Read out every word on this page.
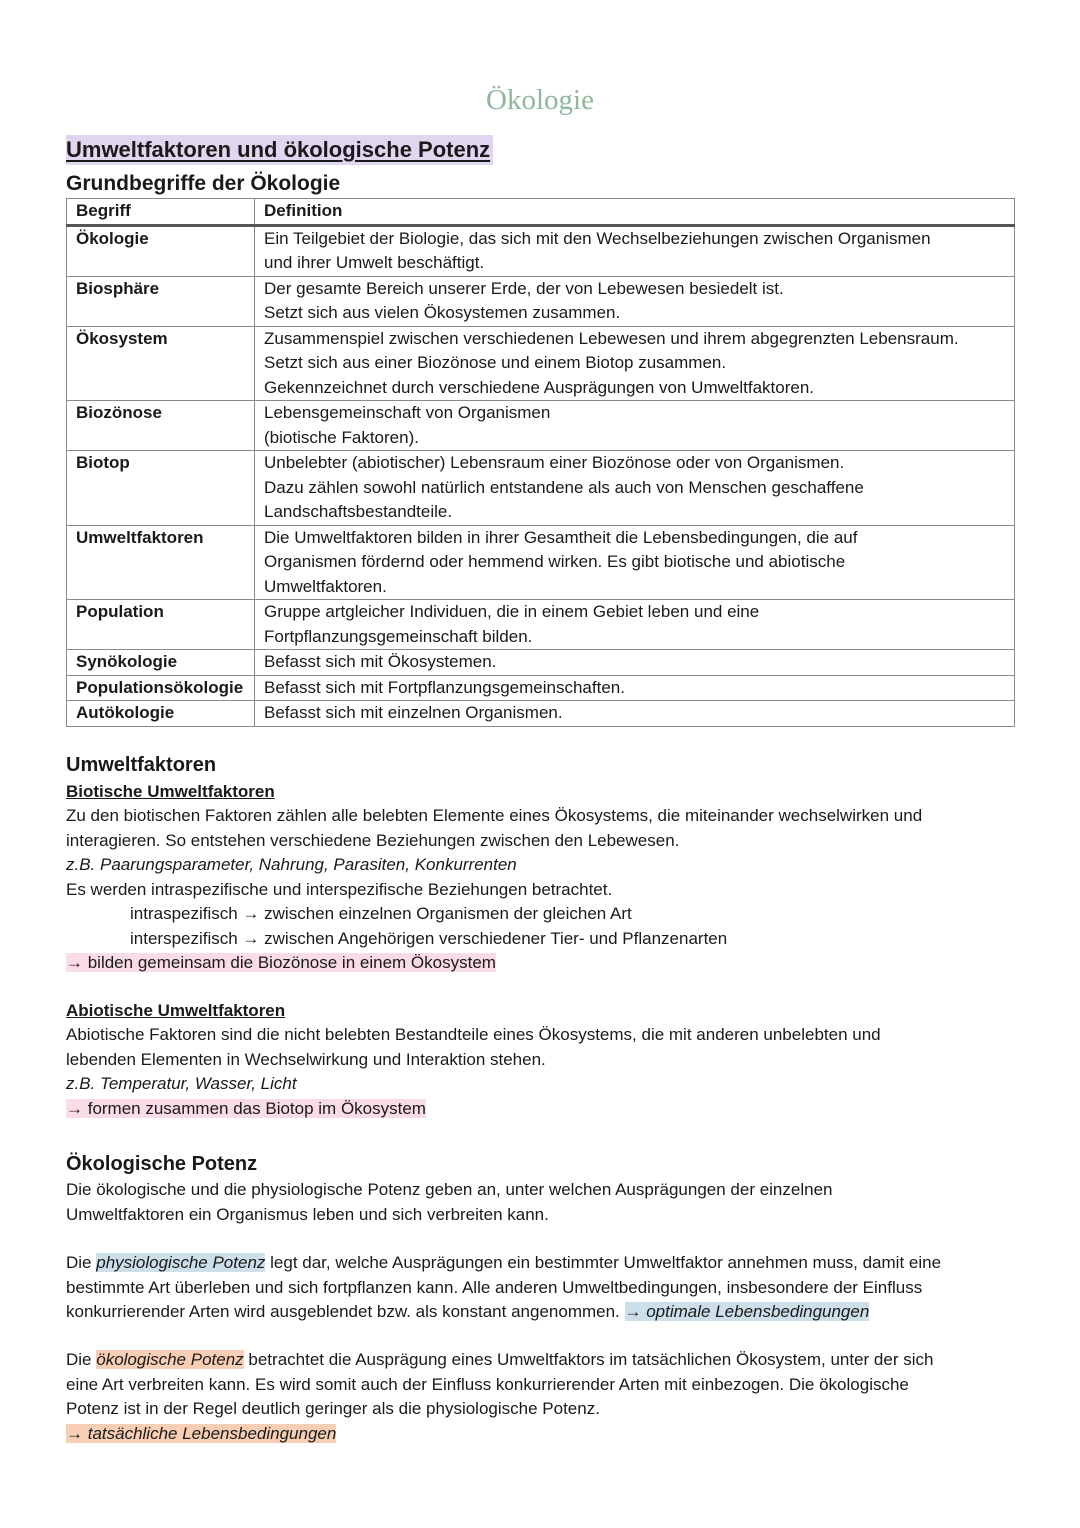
Ökologie
Umweltfaktoren und ökologische Potenz
Grundbegriffe der Ökologie
Begriff	Definition
Ökologie	Ein Teilgebiet der Biologie, das sich mit den Wechselbeziehungen zwischen Organismen
und ihrer Umwelt beschäftigt.

Biosphäre	Der gesamte Bereich unserer Erde, der von Lebewesen besiedelt ist.
Setzt sich aus vielen Ökosystemen zusammen.

Ökosystem	Zusammenspiel zwischen verschiedenen Lebewesen und ihrem abgegrenzten Lebensraum.
Setzt sich aus einer Biozönose und einem Biotop zusammen.
Gekennzeichnet durch verschiedene Ausprägungen von Umweltfaktoren.

Biozönose	Lebensgemeinschaft von Organismen
(biotische Faktoren).

Biotop	Unbelebter (abiotischer) Lebensraum einer Biozönose oder von Organismen.
Dazu zählen sowohl natürlich entstandene als auch von Menschen geschaffene
Landschaftsbestandteile.

Umweltfaktoren	Die Umweltfaktoren bilden in ihrer Gesamtheit die Lebensbedingungen, die auf
Organismen fördernd oder hemmend wirken. Es gibt biotische und abiotische
Umweltfaktoren.

Population	Gruppe artgleicher Individuen, die in einem Gebiet leben und eine
Fortpflanzungsgemeinschaft bilden.

Synökologie	Befasst sich mit Ökosystemen.

Populationsökologie	Befasst sich mit Fortpflanzungsgemeinschaften.

Autökologie	Befasst sich mit einzelnen Organismen.
Umweltfaktoren
Biotische Umweltfaktoren

Zu den biotischen Faktoren zählen alle belebten Elemente eines Ökosystems, die miteinander wechselwirken und

interagieren. So entstehen verschiedene Beziehungen zwischen den Lebewesen.

z.B. Paarungsparameter, Nahrung, Parasiten, Konkurrenten

Es werden intraspezifische und interspezifische Beziehungen betrachtet.

intraspezifisch → zwischen einzelnen Organismen der gleichen Art

interspezifisch → zwischen Angehörigen verschiedener Tier- und Pflanzenarten

→ bilden gemeinsam die Biozönose in einem Ökosystem

Abiotische Umweltfaktoren

Abiotische Faktoren sind die nicht belebten Bestandteile eines Ökosystems, die mit anderen unbelebten und

lebenden Elementen in Wechselwirkung und Interaktion stehen.

z.B. Temperatur, Wasser, Licht

→ formen zusammen das Biotop im Ökosystem

Ökologische Potenz

Die ökologische und die physiologische Potenz geben an, unter welchen Ausprägungen der einzelnen

Umweltfaktoren ein Organismus leben und sich verbreiten kann.

Die physiologische Potenz legt dar, welche Ausprägungen ein bestimmter Umweltfaktor annehmen muss, damit eine

bestimmte Art überleben und sich fortpflanzen kann. Alle anderen Umweltbedingungen, insbesondere der Einfluss

konkurrierender Arten wird ausgeblendet bzw. als konstant angenommen. → optimale Lebensbedingungen

Die ökologische Potenz betrachtet die Ausprägung eines Umweltfaktors im tatsächlichen Ökosystem, unter der sich

eine Art verbreiten kann. Es wird somit auch der Einfluss konkurrierender Arten mit einbezogen. Die ökologische

Potenz ist in der Regel deutlich geringer als die physiologische Potenz.

→ tatsächliche Lebensbedingungen
